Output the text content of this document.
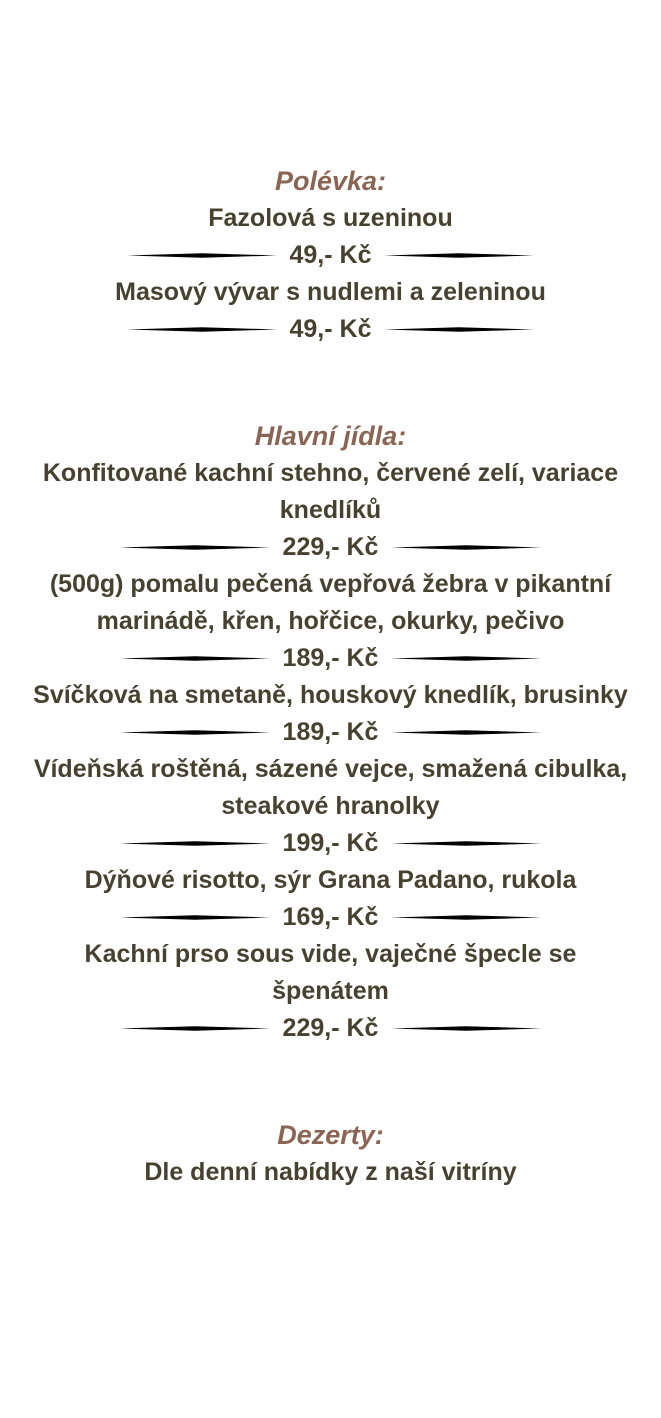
Polévka:

Fazolová s uzeninou

49,- Kč

Masový vývar s nudlemi a zeleninou

49,- Kč
Hlavní jídla:

Konfitované kachní stehno, červené zelí, variace knedlíků

229,- Kč

(500g) pomalu pečená vepřová žebra v pikantní marinádě, křen, hořčice, okurky, pečivo

189,- Kč

Svíčková na smetaně, houskový knedlík, brusinky

189,- Kč

Vídeňská roštěná, sázené vejce, smažená cibulka, steakové hranolky

199,- Kč

Dýňové risotto, sýr Grana Padano, rukola

169,- Kč

Kachní prso sous vide, vaječné špecle se špenátem

229,- Kč
Dezerty:

Dle denní nabídky z naší vitríny
